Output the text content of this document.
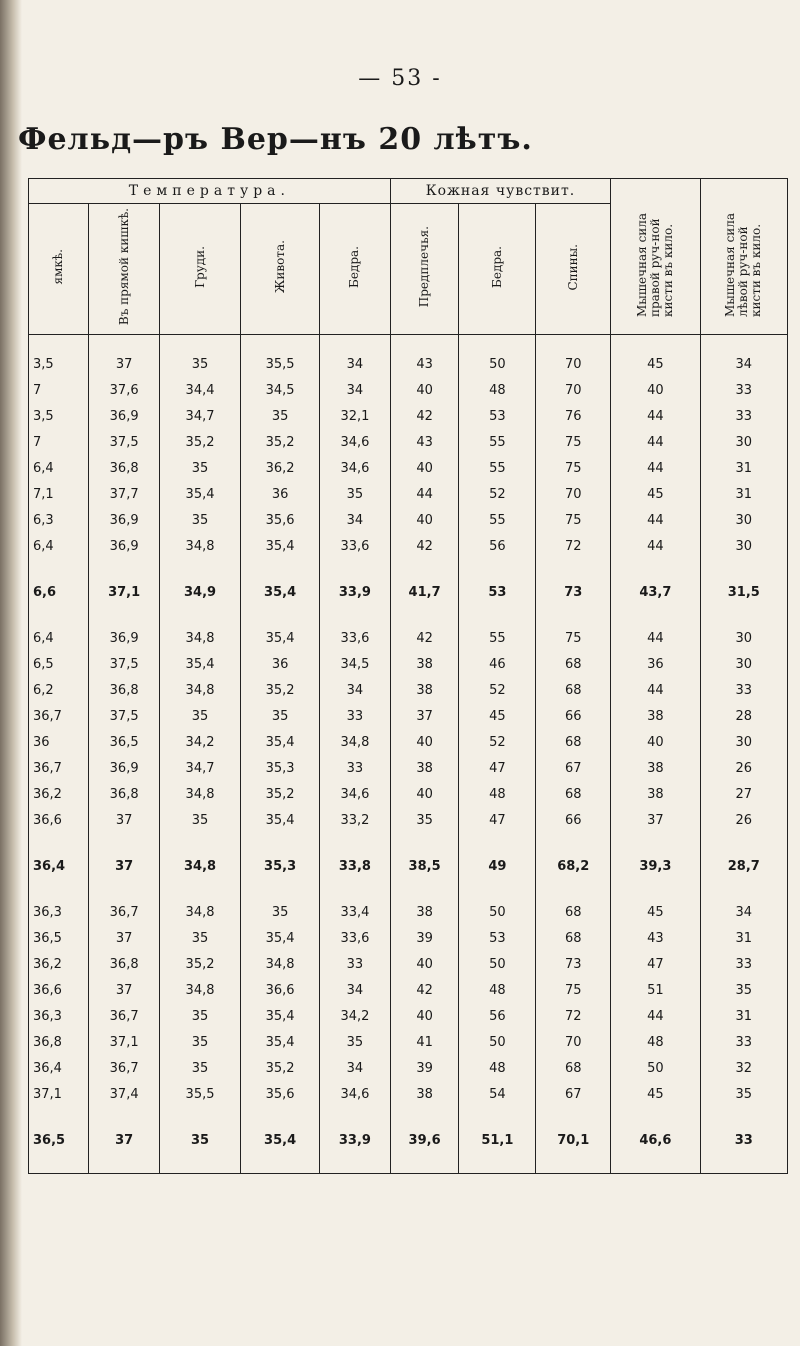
— 53 -
Фельд—ръ Вер—нъ 20 лѣтъ.
Температура.					Кожная чувствит.			Мышечная сила правой руч-ной кисти въ кило.	Мышечная сила лѣвой руч-ной кисти въ кило.
ямкѣ.	Въ прямой кишкѣ.	Груди.	Живота.	Бедра.	Предплечья.	Бедра.	Спины.		
3,5	37	35	35,5	34	43	50	70	45	34
7	37,6	34,4	34,5	34	40	48	70	40	33
3,5	36,9	34,7	35	32,1	42	53	76	44	33
7	37,5	35,2	35,2	34,6	43	55	75	44	30
6,4	36,8	35	36,2	34,6	40	55	75	44	31
7,1	37,7	35,4	36	35	44	52	70	45	31
6,3	36,9	35	35,6	34	40	55	75	44	30
6,4	36,9	34,8	35,4	33,6	42	56	72	44	30
6,6	37,1	34,9	35,4	33,9	41,7	53	73	43,7	31,5
6,4	36,9	34,8	35,4	33,6	42	55	75	44	30
6,5	37,5	35,4	36	34,5	38	46	68	36	30
6,2	36,8	34,8	35,2	34	38	52	68	44	33
36,7	37,5	35	35	33	37	45	66	38	28
36	36,5	34,2	35,4	34,8	40	52	68	40	30
36,7	36,9	34,7	35,3	33	38	47	67	38	26
36,2	36,8	34,8	35,2	34,6	40	48	68	38	27
36,6	37	35	35,4	33,2	35	47	66	37	26
36,4	37	34,8	35,3	33,8	38,5	49	68,2	39,3	28,7
36,3	36,7	34,8	35	33,4	38	50	68	45	34
36,5	37	35	35,4	33,6	39	53	68	43	31
36,2	36,8	35,2	34,8	33	40	50	73	47	33
36,6	37	34,8	36,6	34	42	48	75	51	35
36,3	36,7	35	35,4	34,2	40	56	72	44	31
36,8	37,1	35	35,4	35	41	50	70	48	33
36,4	36,7	35	35,2	34	39	48	68	50	32
37,1	37,4	35,5	35,6	34,6	38	54	67	45	35
36,5	37	35	35,4	33,9	39,6	51,1	70,1	46,6	33
